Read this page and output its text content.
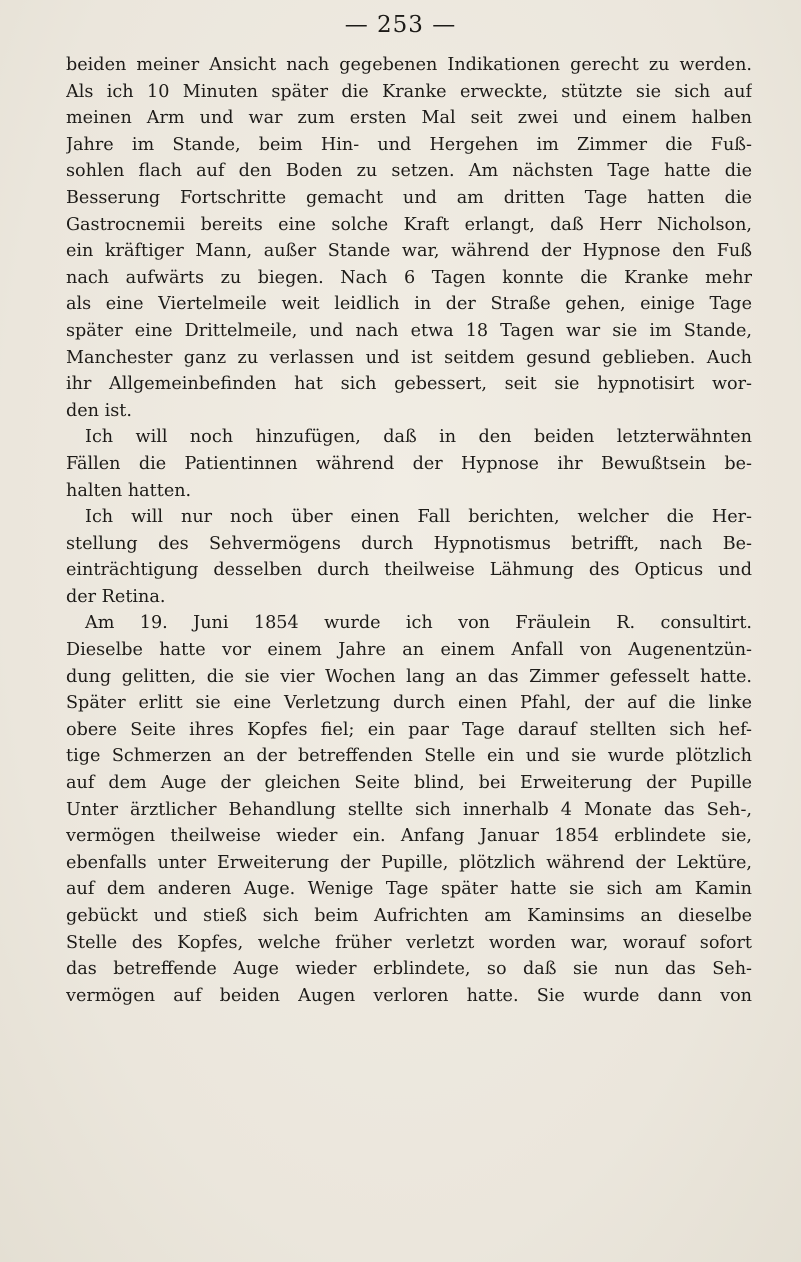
— 253 —
beiden meiner Ansicht nach gegebenen Indikationen gerecht zu werden.
Als ich 10 Minuten später die Kranke erweckte, stützte sie sich auf
meinen Arm und war zum ersten Mal seit zwei und einem halben
Jahre im Stande, beim Hin- und Hergehen im Zimmer die Fuß-
sohlen flach auf den Boden zu setzen. Am nächsten Tage hatte die
Besserung Fortschritte gemacht und am dritten Tage hatten die
Gastrocnemii bereits eine solche Kraft erlangt, daß Herr Nicholson,
ein kräftiger Mann, außer Stande war, während der Hypnose den Fuß
nach aufwärts zu biegen. Nach 6 Tagen konnte die Kranke mehr
als eine Viertelmeile weit leidlich in der Straße gehen, einige Tage
später eine Drittelmeile, und nach etwa 18 Tagen war sie im Stande,
Manchester ganz zu verlassen und ist seitdem gesund geblieben. Auch
ihr Allgemeinbefinden hat sich gebessert, seit sie hypnotisirt wor-
den ist.
Ich will noch hinzufügen, daß in den beiden letzterwähnten
Fällen die Patientinnen während der Hypnose ihr Bewußtsein be-
halten hatten.
Ich will nur noch über einen Fall berichten, welcher die Her-
stellung des Sehvermögens durch Hypnotismus betrifft, nach Be-
einträchtigung desselben durch theilweise Lähmung des Opticus und
der Retina.
Am 19. Juni 1854 wurde ich von Fräulein R. consultirt.
Dieselbe hatte vor einem Jahre an einem Anfall von Augenentzün-
dung gelitten, die sie vier Wochen lang an das Zimmer gefesselt hatte.
Später erlitt sie eine Verletzung durch einen Pfahl, der auf die linke
obere Seite ihres Kopfes fiel; ein paar Tage darauf stellten sich hef-
tige Schmerzen an der betreffenden Stelle ein und sie wurde plötzlich
auf dem Auge der gleichen Seite blind, bei Erweiterung der Pupille
Unter ärztlicher Behandlung stellte sich innerhalb 4 Monate das Seh-,
vermögen theilweise wieder ein. Anfang Januar 1854 erblindete sie,
ebenfalls unter Erweiterung der Pupille, plötzlich während der Lektüre,
auf dem anderen Auge. Wenige Tage später hatte sie sich am Kamin
gebückt und stieß sich beim Aufrichten am Kaminsims an dieselbe
Stelle des Kopfes, welche früher verletzt worden war, worauf sofort
das betreffende Auge wieder erblindete, so daß sie nun das Seh-
vermögen auf beiden Augen verloren hatte. Sie wurde dann von
